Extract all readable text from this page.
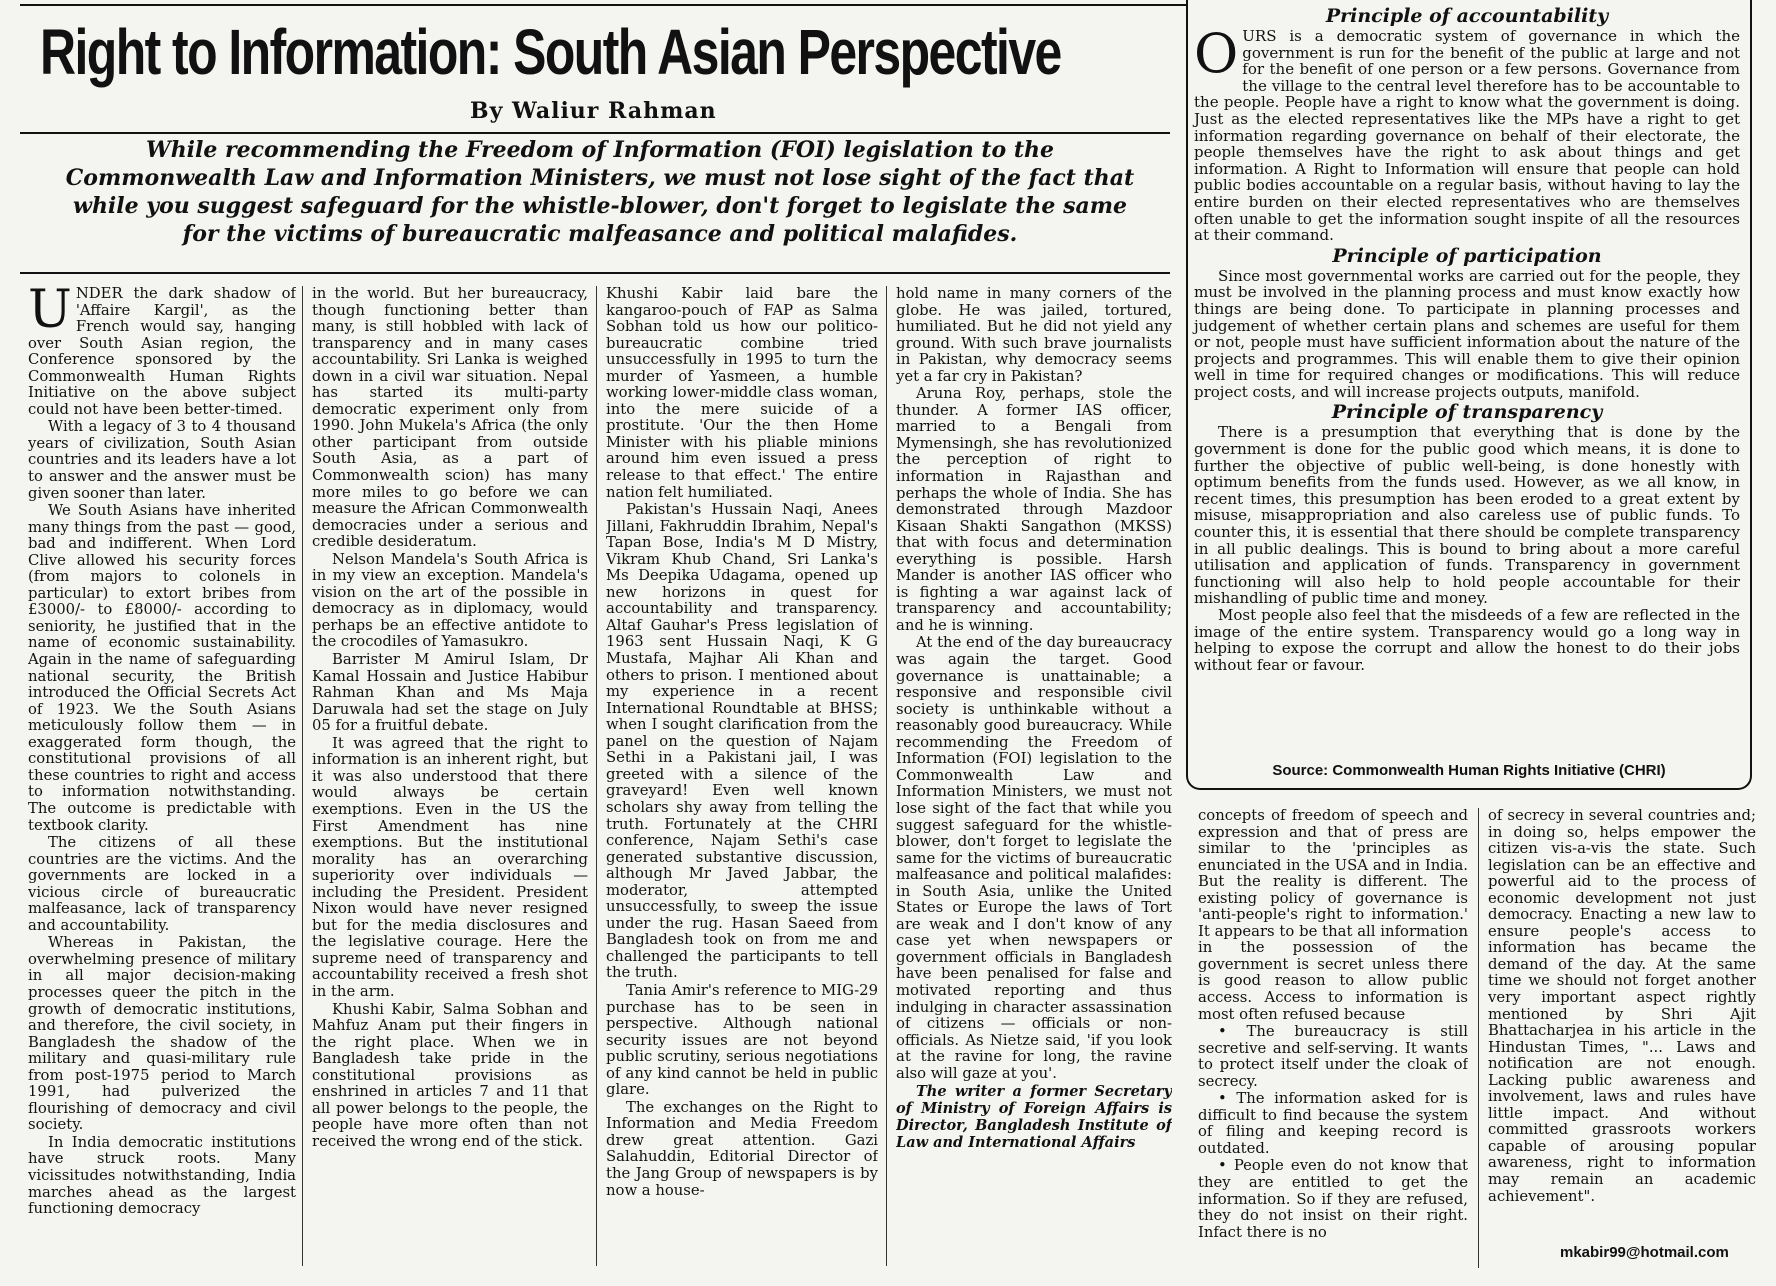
Right to Information: South Asian Perspective
By Waliur Rahman
While recommending the Freedom of Information (FOI) legislation to the Commonwealth Law and Information Ministers, we must not lose sight of the fact that while you suggest safeguard for the whistle-blower, don't forget to legislate the same for the victims of bureaucratic malfeasance and political malafides.

UNDER the dark shadow of 'Affaire Kargil', as the French would say, hanging over South Asian region, the Conference sponsored by the Commonwealth Human Rights Initiative on the above subject could not have been better-timed.

With a legacy of 3 to 4 thousand years of civilization, South Asian countries and its leaders have a lot to answer and the answer must be given sooner than later.

We South Asians have inherited many things from the past — good, bad and indifferent. When Lord Clive allowed his security forces (from majors to colonels in particular) to extort bribes from £3000/- to £8000/- according to seniority, he justified that in the name of economic sustainability. Again in the name of safeguarding national security, the British introduced the Official Secrets Act of 1923. We the South Asians meticulously follow them — in exaggerated form though, the constitutional provisions of all these countries to right and access to information notwithstanding. The outcome is predictable with textbook clarity.

The citizens of all these countries are the victims. And the governments are locked in a vicious circle of bureaucratic malfeasance, lack of transparency and accountability.

Whereas in Pakistan, the overwhelming presence of military in all major decision-making processes queer the pitch in the growth of democratic institutions, and therefore, the civil society, in Bangladesh the shadow of the military and quasi-military rule from post-1975 period to March 1991, had pulverized the flourishing of democracy and civil society.

In India democratic institutions have struck roots. Many vicissitudes notwithstanding, India marches ahead as the largest functioning democracy

in the world. But her bureaucracy, though functioning better than many, is still hobbled with lack of transparency and in many cases accountability. Sri Lanka is weighed down in a civil war situation. Nepal has started its multi-party democratic experiment only from 1990. John Mukela's Africa (the only other participant from outside South Asia, as a part of Commonwealth scion) has many more miles to go before we can measure the African Commonwealth democracies under a serious and credible desideratum.

Nelson Mandela's South Africa is in my view an exception. Mandela's vision on the art of the possible in democracy as in diplomacy, would perhaps be an effective antidote to the crocodiles of Yamasukro.

Barrister M Amirul Islam, Dr Kamal Hossain and Justice Habibur Rahman Khan and Ms Maja Daruwala had set the stage on July 05 for a fruitful debate.

It was agreed that the right to information is an inherent right, but it was also understood that there would always be certain exemptions. Even in the US the First Amendment has nine exemptions. But the institutional morality has an overarching superiority over individuals — including the President. President Nixon would have never resigned but for the media disclosures and the legislative courage. Here the supreme need of transparency and accountability received a fresh shot in the arm.

Khushi Kabir, Salma Sobhan and Mahfuz Anam put their fingers in the right place. When we in Bangladesh take pride in the constitutional provisions as enshrined in articles 7 and 11 that all power belongs to the people, the people have more often than not received the wrong end of the stick.

Khushi Kabir laid bare the kangaroo-pouch of FAP as Salma Sobhan told us how our politico-bureaucratic combine tried unsuccessfully in 1995 to turn the murder of Yasmeen, a humble working lower-middle class woman, into the mere suicide of a prostitute. 'Our the then Home Minister with his pliable minions around him even issued a press release to that effect.' The entire nation felt humiliated.

Pakistan's Hussain Naqi, Anees Jillani, Fakhruddin Ibrahim, Nepal's Tapan Bose, India's M D Mistry, Vikram Khub Chand, Sri Lanka's Ms Deepika Udagama, opened up new horizons in quest for accountability and transparency. Altaf Gauhar's Press legislation of 1963 sent Hussain Naqi, K G Mustafa, Majhar Ali Khan and others to prison. I mentioned about my experience in a recent International Roundtable at BHSS; when I sought clarification from the panel on the question of Najam Sethi in a Pakistani jail, I was greeted with a silence of the graveyard! Even well known scholars shy away from telling the truth. Fortunately at the CHRI conference, Najam Sethi's case generated substantive discussion, although Mr Javed Jabbar, the moderator, attempted unsuccessfully, to sweep the issue under the rug. Hasan Saeed from Bangladesh took on from me and challenged the participants to tell the truth.

Tania Amir's reference to MIG-29 purchase has to be seen in perspective. Although national security issues are not beyond public scrutiny, serious negotiations of any kind cannot be held in public glare.

The exchanges on the Right to Information and Media Freedom drew great attention. Gazi Salahuddin, Editorial Director of the Jang Group of newspapers is by now a house-

hold name in many corners of the globe. He was jailed, tortured, humiliated. But he did not yield any ground. With such brave journalists in Pakistan, why democracy seems yet a far cry in Pakistan?

Aruna Roy, perhaps, stole the thunder. A former IAS officer, married to a Bengali from Mymensingh, she has revolutionized the perception of right to information in Rajasthan and perhaps the whole of India. She has demonstrated through Mazdoor Kisaan Shakti Sangathon (MKSS) that with focus and determination everything is possible. Harsh Mander is another IAS officer who is fighting a war against lack of transparency and accountability; and he is winning.

At the end of the day bureaucracy was again the target. Good governance is unattainable; a responsive and responsible civil society is unthinkable without a reasonably good bureaucracy. While recommending the Freedom of Information (FOI) legislation to the Commonwealth Law and Information Ministers, we must not lose sight of the fact that while you suggest safeguard for the whistle-blower, don't forget to legislate the same for the victims of bureaucratic malfeasance and political malafides: in South Asia, unlike the United States or Europe the laws of Tort are weak and I don't know of any case yet when newspapers or government officials in Bangladesh have been penalised for false and motivated reporting and thus indulging in character assassination of citizens — officials or non-officials. As Nietze said, 'if you look at the ravine for long, the ravine also will gaze at you'.

The writer a former Secretary of Ministry of Foreign Affairs is Director, Bangladesh Institute of Law and International Affairs

Principle of accountability

OURS is a democratic system of governance in which the government is run for the benefit of the public at large and not for the benefit of one person or a few persons. Governance from the village to the central level therefore has to be accountable to the people. People have a right to know what the government is doing. Just as the elected representatives like the MPs have a right to get information regarding governance on behalf of their electorate, the people themselves have the right to ask about things and get information. A Right to Information will ensure that people can hold public bodies accountable on a regular basis, without having to lay the entire burden on their elected representatives who are themselves often unable to get the information sought inspite of all the resources at their command.

Principle of participation

Since most governmental works are carried out for the people, they must be involved in the planning process and must know exactly how things are being done. To participate in planning processes and judgement of whether certain plans and schemes are useful for them or not, people must have sufficient information about the nature of the projects and programmes. This will enable them to give their opinion well in time for required changes or modifications. This will reduce project costs, and will increase projects outputs, manifold.

Principle of transparency

There is a presumption that everything that is done by the government is done for the public good which means, it is done to further the objective of public well-being, is done honestly with optimum benefits from the funds used. However, as we all know, in recent times, this presumption has been eroded to a great extent by misuse, misappropriation and also careless use of public funds. To counter this, it is essential that there should be complete transparency in all public dealings. This is bound to bring about a more careful utilisation and application of funds. Transparency in government functioning will also help to hold people accountable for their mishandling of public time and money.

Most people also feel that the misdeeds of a few are reflected in the image of the entire system. Transparency would go a long way in helping to expose the corrupt and allow the honest to do their jobs without fear or favour.

Source: Commonwealth Human Rights Initiative (CHRI)

concepts of freedom of speech and expression and that of press are similar to the 'principles as enunciated in the USA and in India. But the reality is different. The existing policy of governance is 'anti-people's right to information.' It appears to be that all information in the possession of the government is secret unless there is good reason to allow public access. Access to information is most often refused because

• The bureaucracy is still secretive and self-serving. It wants to protect itself under the cloak of secrecy.

• The information asked for is difficult to find because the system of filing and keeping record is outdated.

• People even do not know that they are entitled to get the information. So if they are refused, they do not insist on their right. Infact there is no

of secrecy in several countries and; in doing so, helps empower the citizen vis-a-vis the state. Such legislation can be an effective and powerful aid to the process of economic development not just democracy. Enacting a new law to ensure people's access to information has became the demand of the day. At the same time we should not forget another very important aspect rightly mentioned by Shri Ajit Bhattacharjea in his article in the Hindustan Times, "... Laws and notification are not enough. Lacking public awareness and involvement, laws and rules have little impact. And without committed grassroots workers capable of arousing popular awareness, right to information may remain an academic achievement".

mkabir99@hotmail.com
